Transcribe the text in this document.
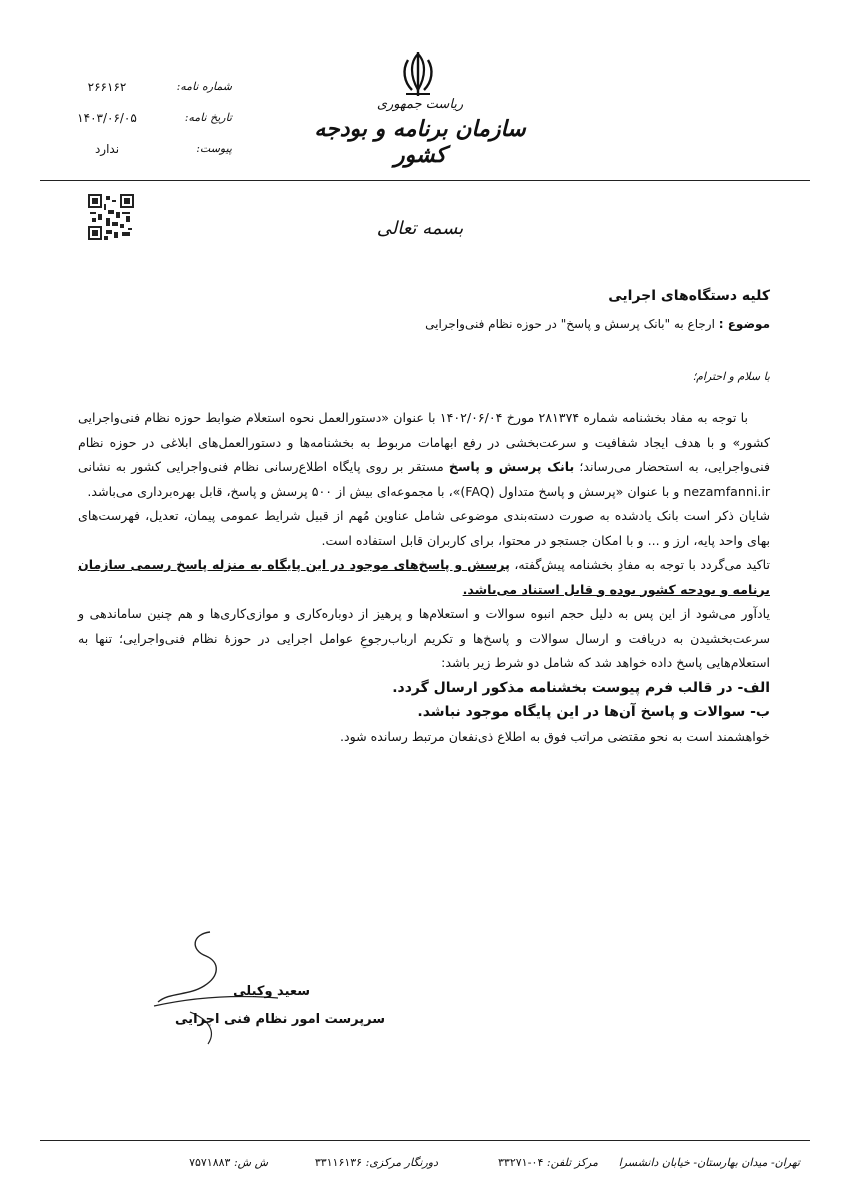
۲۶۶۱۶۲	شماره نامه:
۱۴۰۳/۰۶/۰۵	تاریخ نامه:
ندارد	پیوست:
ریاست جمهوری
سازمان برنامه و بودجه کشور
بسمه تعالی
کلیه دستگاه‌های اجرایی
موضوع : ارجاع به "بانک پرسش و پاسخ" در حوزه نظام فنی‌واجرایی
با سلام و احترام؛

با توجه به مفاد بخشنامه شماره ۲۸۱۳۷۴ مورخ ۱۴۰۲/۰۶/۰۴ با عنوان «دستورالعمل نحوه استعلام ضوابط حوزه نظام فنی‌واجرایی کشور» و با هدف ایجاد شفافیت و سرعت‌بخشی در رفع ابهامات مربوط به بخشنامه‌ها و دستورالعمل‌های ابلاغی در حوزه نظام فنی‌واجرایی، به استحضار می‌رساند؛ بانک پرسش و پاسخ مستقر بر روی پایگاه اطلاع‌رسانی نظام فنی‌واجرایی کشور به نشانی nezamfanni.ir و با عنوان «پرسش و پاسخ متداول (FAQ)»، با مجموعه‌ای بیش از ۵۰۰ پرسش و پاسخ، قابل بهره‌برداری می‌باشد.

شایان ذکر است بانک یادشده به صورت دسته‌بندی موضوعی شامل عناوین مُهم از قبیل شرایط عمومی پیمان، تعدیل، فهرست‌های بهای واحد پایه، ارز و ... و با امکان جستجو در محتوا، برای کاربران قابل استفاده است.

تاکید می‌گردد با توجه به مفادِ بخشنامه پیش‌گفته، پرسش و پاسخ‌های موجود در این پایگاه به منزله پاسخ رسمی سازمان برنامه و بودجه کشور بوده و قابل استناد می‌باشد.

یادآور می‌شود از این پس به دلیل حجم انبوه سوالات و استعلام‌ها و پرهیز از دوباره‌کاری و موازی‌کاری‌ها و هم چنین ساماندهی و سرعت‌بخشیدن به دریافت و ارسال سوالات و پاسخ‌ها و تکریم ارباب‌رجوعِ عوامل اجرایی در حوزهٔ نظام فنی‌واجرایی؛ تنها به استعلام‌هایی پاسخ داده خواهد شد که شامل دو شرط زیر باشد:

الف- در قالب فرم پیوست بخشنامه مذکور ارسال گردد.

ب- سوالات و پاسخ آن‌ها در این پایگاه موجود نباشد.

خواهشمند است به نحو مقتضی مراتب فوق به اطلاع ذی‌نفعان مرتبط رسانده شود.

سعید وکیلی
سرپرست امور نظام فنی اجرایی
تهران- میدان بهارستان- خیابان دانشسرا
مرکز تلفن: ۰۴-۳۳۲۷۱
دورنگار مرکزی: ۳۳۱۱۶۱۳۶
ش ش: ۷۵۷۱۸۸۳
